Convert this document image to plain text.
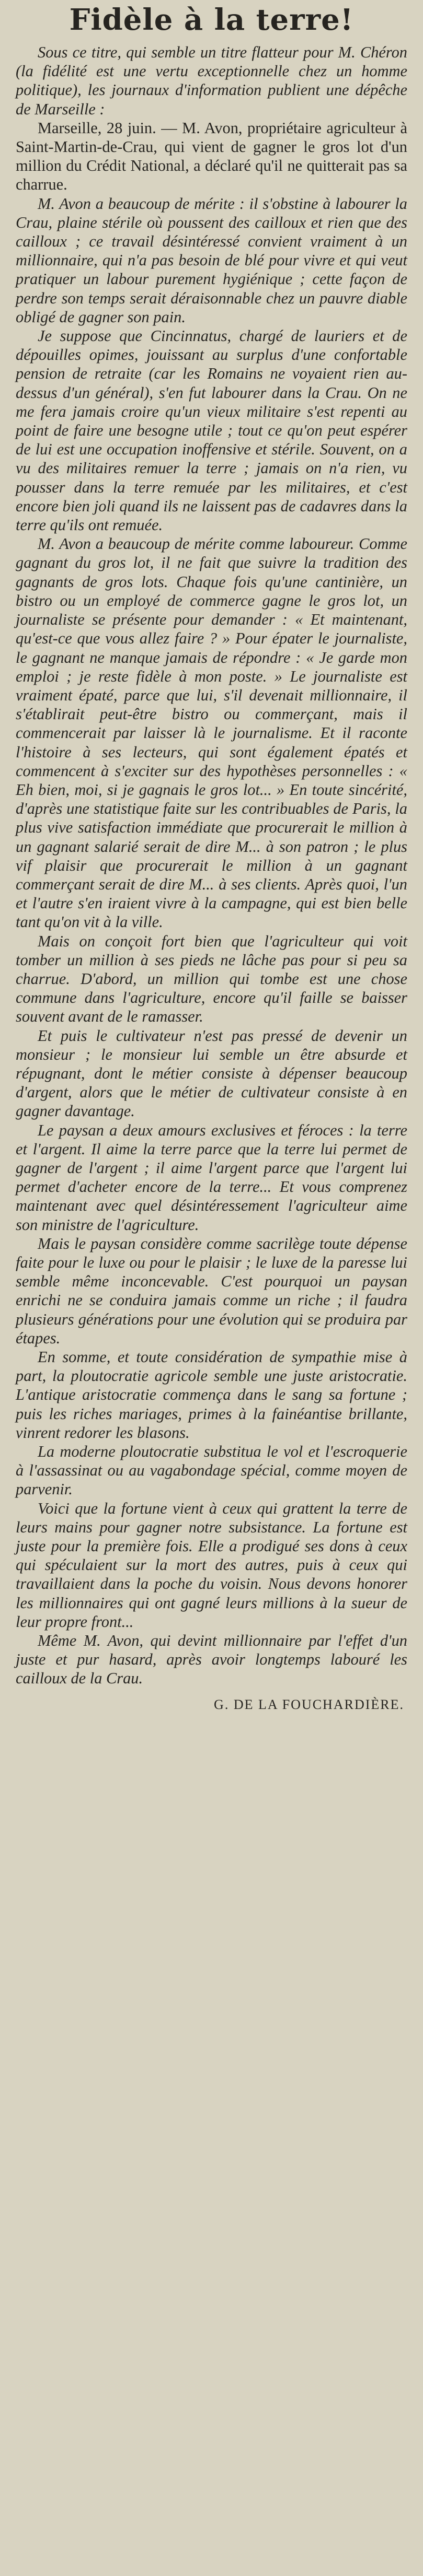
Fidèle à la terre!

Sous ce titre, qui semble un titre flatteur pour M. Chéron (la fidélité est une vertu exceptionnelle chez un homme politique), les journaux d'information publient une dépêche de Marseille :

Marseille, 28 juin. — M. Avon, propriétaire agriculteur à Saint-Martin-de-Crau, qui vient de gagner le gros lot d'un million du Crédit National, a déclaré qu'il ne quitterait pas sa charrue.

M. Avon a beaucoup de mérite : il s'obstine à labourer la Crau, plaine stérile où poussent des cailloux et rien que des cailloux ; ce travail désintéressé convient vraiment à un millionnaire, qui n'a pas besoin de blé pour vivre et qui veut pratiquer un labour purement hygiénique ; cette façon de perdre son temps serait déraisonnable chez un pauvre diable obligé de gagner son pain.

Je suppose que Cincinnatus, chargé de lauriers et de dépouilles opimes, jouissant au surplus d'une confortable pension de retraite (car les Romains ne voyaient rien au-dessus d'un général), s'en fut labourer dans la Crau. On ne me fera jamais croire qu'un vieux militaire s'est repenti au point de faire une besogne utile ; tout ce qu'on peut espérer de lui est une occupation inoffensive et stérile. Souvent, on a vu des militaires remuer la terre ; jamais on n'a rien, vu pousser dans la terre remuée par les militaires, et c'est encore bien joli quand ils ne laissent pas de cadavres dans la terre qu'ils ont remuée.

M. Avon a beaucoup de mérite comme laboureur. Comme gagnant du gros lot, il ne fait que suivre la tradition des gagnants de gros lots. Chaque fois qu'une cantinière, un bistro ou un employé de commerce gagne le gros lot, un journaliste se présente pour demander : « Et maintenant, qu'est-ce que vous allez faire ? » Pour épater le journaliste, le gagnant ne manque jamais de répondre : « Je garde mon emploi ; je reste fidèle à mon poste. » Le journaliste est vraiment épaté, parce que lui, s'il devenait millionnaire, il s'établirait peut-être bistro ou commerçant, mais il commencerait par laisser là le journalisme. Et il raconte l'histoire à ses lecteurs, qui sont également épatés et commencent à s'exciter sur des hypothèses personnelles : « Eh bien, moi, si je gagnais le gros lot... » En toute sincérité, d'après une statistique faite sur les contribuables de Paris, la plus vive satisfaction immédiate que procurerait le million à un gagnant salarié serait de dire M... à son patron ; le plus vif plaisir que procurerait le million à un gagnant commerçant serait de dire M... à ses clients. Après quoi, l'un et l'autre s'en iraient vivre à la campagne, qui est bien belle tant qu'on vit à la ville.

Mais on conçoit fort bien que l'agriculteur qui voit tomber un million à ses pieds ne lâche pas pour si peu sa charrue. D'abord, un million qui tombe est une chose commune dans l'agriculture, encore qu'il faille se baisser souvent avant de le ramasser.

Et puis le cultivateur n'est pas pressé de devenir un monsieur ; le monsieur lui semble un être absurde et répugnant, dont le métier consiste à dépenser beaucoup d'argent, alors que le métier de cultivateur consiste à en gagner davantage.

Le paysan a deux amours exclusives et féroces : la terre et l'argent. Il aime la terre parce que la terre lui permet de gagner de l'argent ; il aime l'argent parce que l'argent lui permet d'acheter encore de la terre... Et vous comprenez maintenant avec quel désintéressement l'agriculteur aime son ministre de l'agriculture.

Mais le paysan considère comme sacrilège toute dépense faite pour le luxe ou pour le plaisir ; le luxe de la paresse lui semble même inconcevable. C'est pourquoi un paysan enrichi ne se conduira jamais comme un riche ; il faudra plusieurs générations pour une évolution qui se produira par étapes.

En somme, et toute considération de sympathie mise à part, la ploutocratie agricole semble une juste aristocratie. L'antique aristocratie commença dans le sang sa fortune ; puis les riches mariages, primes à la fainéantise brillante, vinrent redorer les blasons.

La moderne ploutocratie substitua le vol et l'escroquerie à l'assassinat ou au vagabondage spécial, comme moyen de parvenir.

Voici que la fortune vient à ceux qui grattent la terre de leurs mains pour gagner notre subsistance. La fortune est juste pour la première fois. Elle a prodigué ses dons à ceux qui spéculaient sur la mort des autres, puis à ceux qui travaillaient dans la poche du voisin. Nous devons honorer les millionnaires qui ont gagné leurs millions à la sueur de leur propre front...

Même M. Avon, qui devint millionnaire par l'effet d'un juste et pur hasard, après avoir longtemps labouré les cailloux de la Crau.

G. DE LA FOUCHARDIÈRE.
